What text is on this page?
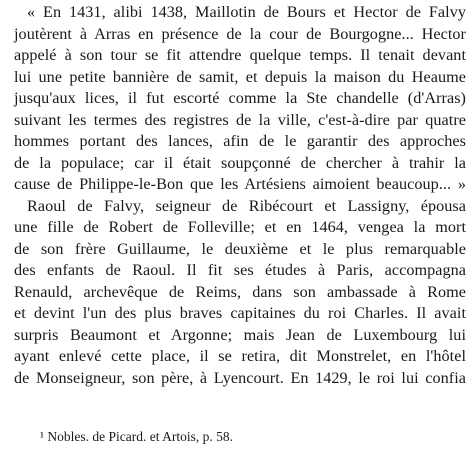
« En 1431, alibi 1438, Maillotin de Bours et Hector de Falvy
joutèrent à Arras en présence de la cour de Bourgogne... Hector
appelé à son tour se fit attendre quelque temps. Il tenait devant
lui une petite bannière de samit, et depuis la maison du Heaume
jusqu'aux lices, il fut escorté comme la Ste chandelle (d'Arras)
suivant les termes des registres de la ville, c'est-à-dire par quatre
hommes portant des lances, afin de le garantir des approches
de la populace; car il était soupçonné de chercher à trahir la
cause de Philippe-le-Bon que les Artésiens aimoient beaucoup... »
Raoul de Falvy, seigneur de Ribécourt et Lassigny, épousa
une fille de Robert de Folleville; et en 1464, vengea la mort
de son frère Guillaume, le deuxième et le plus remarquable
des enfants de Raoul. Il fit ses études à Paris, accompagna
Renauld, archevêque de Reims, dans son ambassade à Rome
et devint l'un des plus braves capitaines du roi Charles. Il avait
surpris Beaumont et Argonne; mais Jean de Luxembourg lui
ayant enlevé cette place, il se retira, dit Monstrelet, en l'hôtel
de Monseigneur, son père, à Lyencourt. En 1429, le roi lui confia
¹ Nobles. de Picard. et Artois, p. 58.
